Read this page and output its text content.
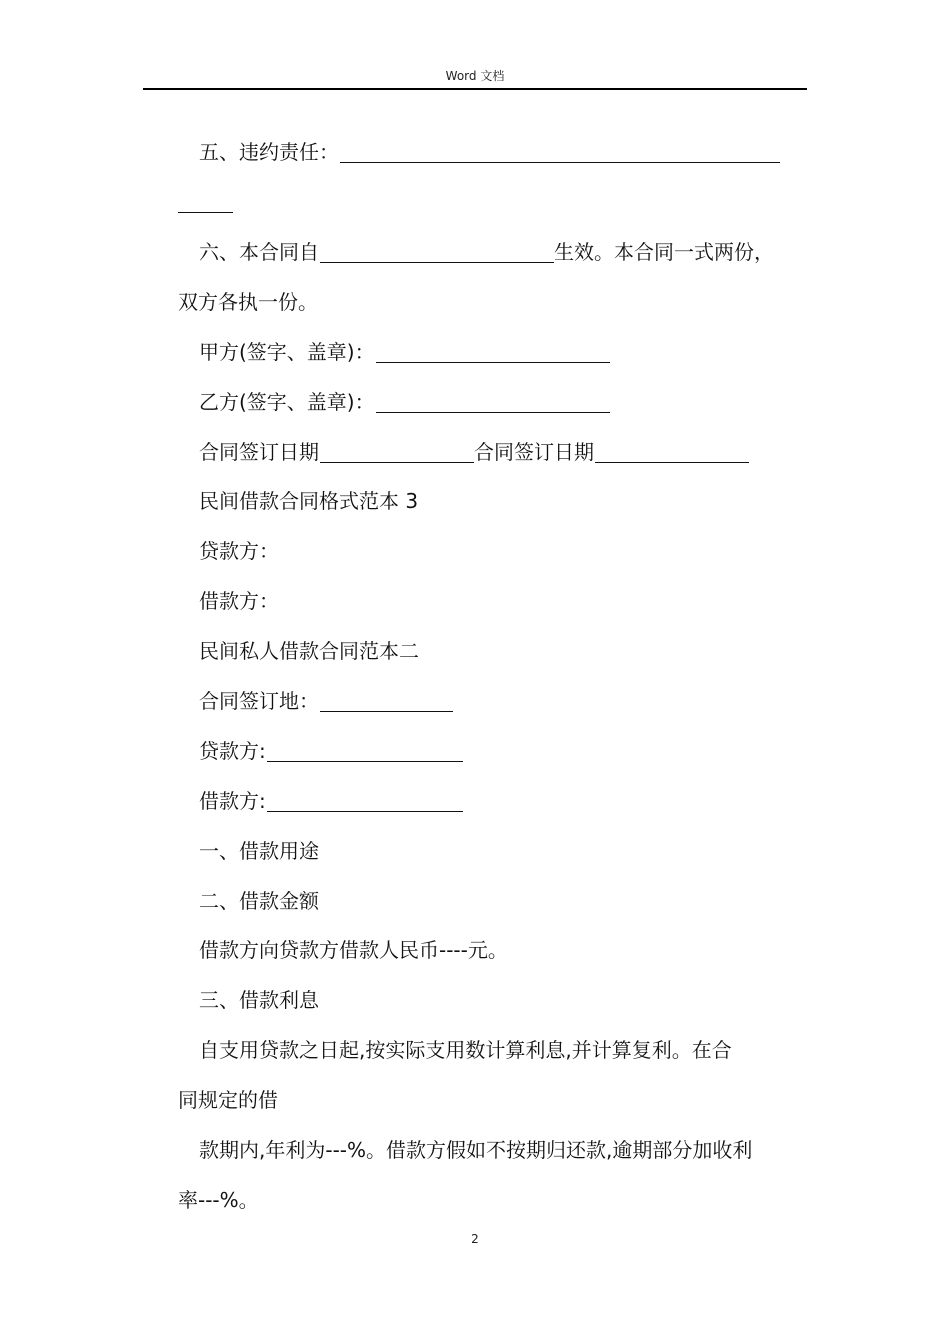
Word 文档
五、违约责任：
六、本合同自	生效。本合同一式两份，
双方各执一份。
甲方(签字、盖章)：
乙方(签字、盖章)：
合同签订日期	合同签订日期
民间借款合同格式范本 3
贷款方：
借款方：
民间私人借款合同范本二
合同签订地：
贷款方:
借款方:
一、借款用途
二、借款金额
借款方向贷款方借款人民币----元。
三、借款利息
自支用贷款之日起,按实际支用数计算利息,并计算复利。在合
同规定的借
款期内,年利为---%。借款方假如不按期归还款,逾期部分加收利
率---%。
2
